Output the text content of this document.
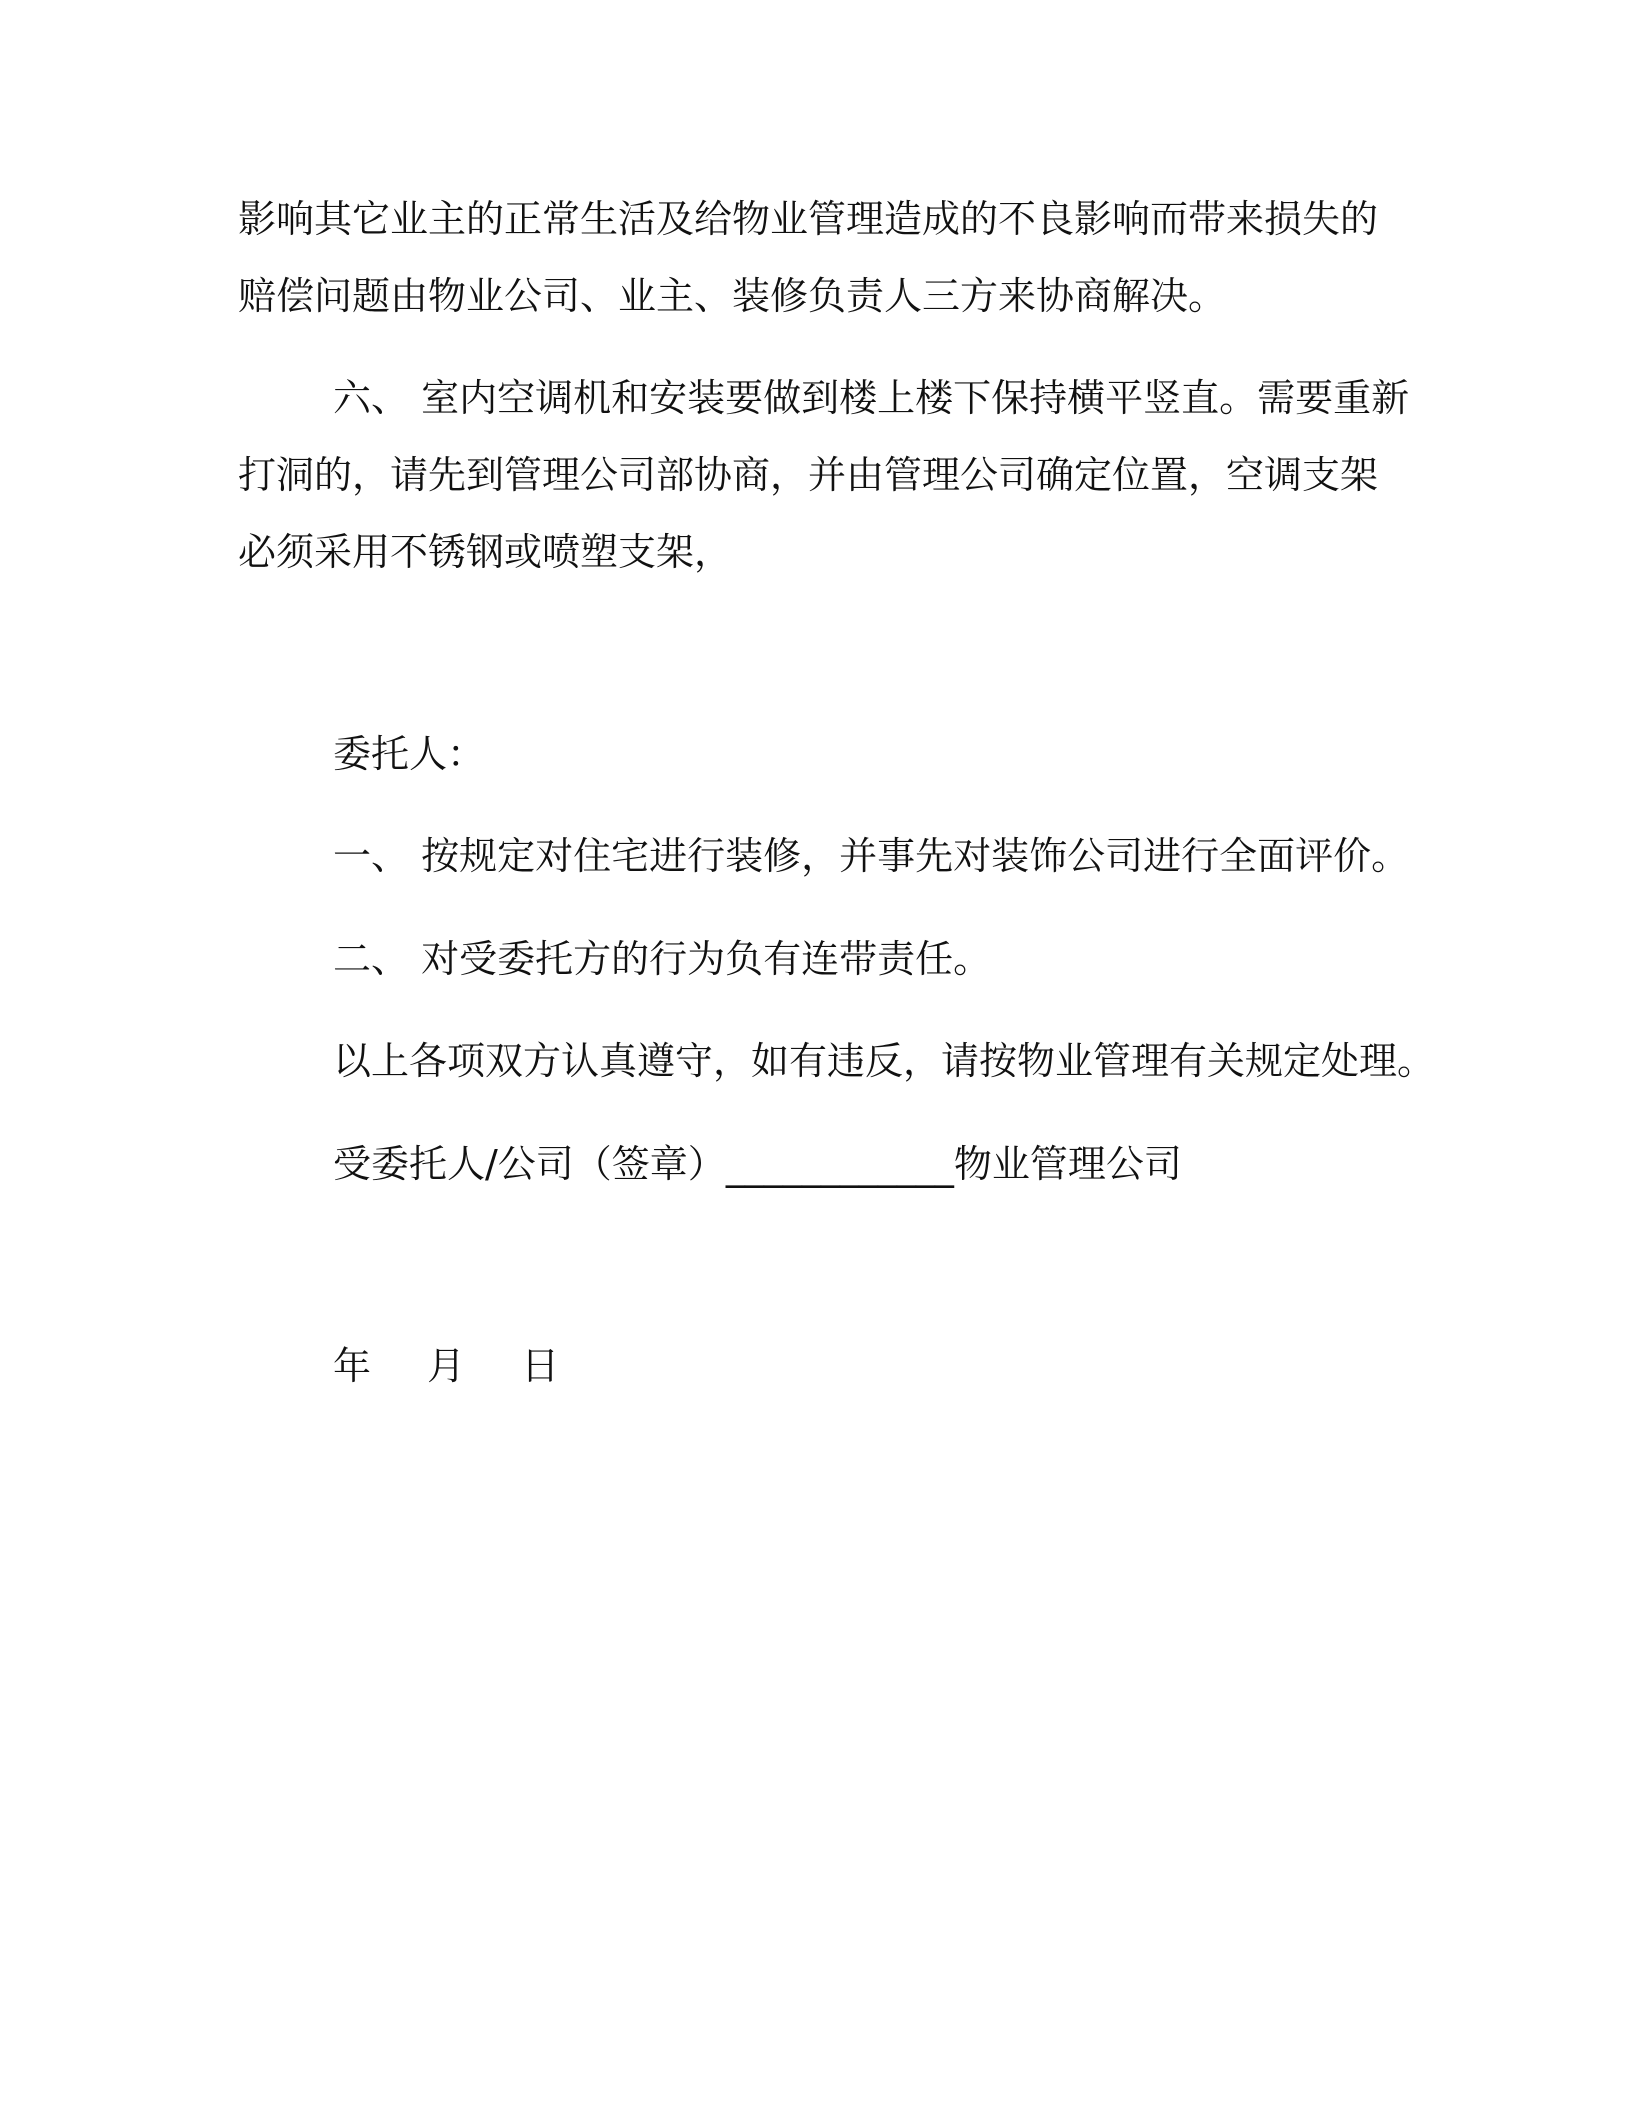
影响其它业主的正常生活及给物业管理造成的不良影响而带来损失的
赔偿问题由物业公司、业主、装修负责人三方来协商解决。
六、 室内空调机和安装要做到楼上楼下保持横平竖直。需要重新
打洞的，请先到管理公司部协商，并由管理公司确定位置，空调支架
必须采用不锈钢或喷塑支架，
委托人：
一、 按规定对住宅进行装修，并事先对装饰公司进行全面评价。
二、 对受委托方的行为负有连带责任。
以上各项双方认真遵守，如有违反，请按物业管理有关规定处理。
受委托人/公司（签章）____________物业管理公司
年 月 日
